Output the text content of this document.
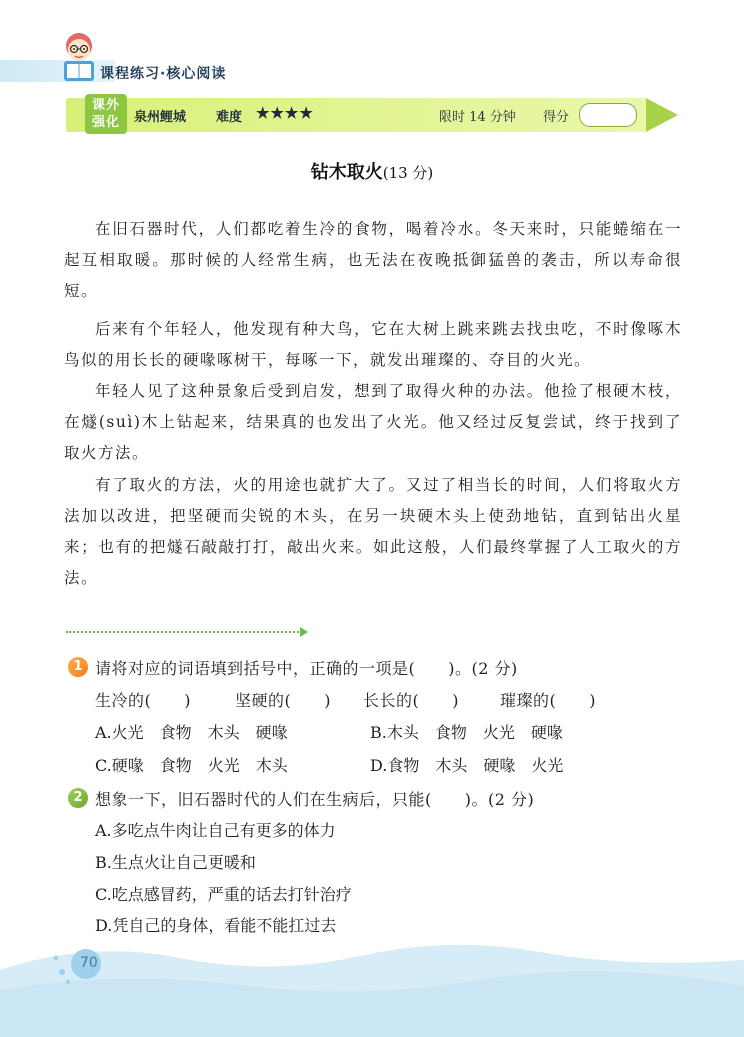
课程练习·核心阅读
课外
强化	泉州鲤城 难度 ★★★★	限时 14 分钟 得分
钻木取火(13 分)
在旧石器时代，人们都吃着生冷的食物，喝着冷水。冬天来时，只能蜷缩在一起互相取暖。那时候的人经常生病，也无法在夜晚抵御猛兽的袭击，所以寿命很短。
后来有个年轻人，他发现有种大鸟，它在大树上跳来跳去找虫吃，不时像啄木鸟似的用长长的硬喙啄树干，每啄一下，就发出璀璨的、夺目的火光。
年轻人见了这种景象后受到启发，想到了取得火种的办法。他捡了根硬木枝，在燧(suì)木上钻起来，结果真的也发出了火光。他又经过反复尝试，终于找到了取火方法。
有了取火的方法，火的用途也就扩大了。又过了相当长的时间，人们将取火方法加以改进，把坚硬而尖锐的木头，在另一块硬木头上使劲地钻，直到钻出火星来；也有的把燧石敲敲打打，敲出火来。如此这般，人们最终掌握了人工取火的方法。
1 请将对应的词语填到括号中，正确的一项是(　　)。(2 分)
生冷的(　　)	坚硬的(　　) 长长的(　　)	璀璨的(　　)
A.火光　食物　木头　硬喙	B.木头　食物　火光　硬喙
C.硬喙　食物　火光　木头	D.食物　木头　硬喙　火光
2 想象一下，旧石器时代的人们在生病后，只能(　　)。(2 分)
A.多吃点牛肉让自己有更多的体力
B.生点火让自己更暖和
C.吃点感冒药，严重的话去打针治疗
D.凭自己的身体，看能不能扛过去
70
